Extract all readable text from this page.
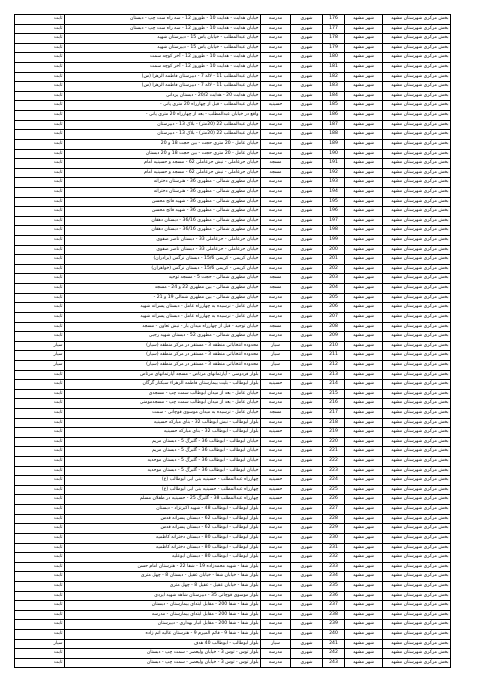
بخش مرکزی شهرستان مشهد	شهر مشهد	176	شهری	مدرسه	خیابان هدایت - هدایت 10 - طوروز 12 - سه راه ست چپ - دبستان	ثابت
بخش مرکزی شهرستان مشهد	شهر مشهد	177	شهری	مدرسه	خیابان هدایت - هدایت 10 - طوروز 12 - سه راه ست چپ - دبستان	ثابت
بخش مرکزی شهرستان مشهد	شهر مشهد	178	شهری	مدرسه	خیابان عبدالمطلب - خیابان یاس 15 - دبیرستان شهید	ثابت
بخش مرکزی شهرستان مشهد	شهر مشهد	179	شهری	مدرسه	خیابان عبدالمطلب - خیابان یاس 15 - دبیرستان شهید	ثابت
بخش مرکزی شهرستان مشهد	شهر مشهد	180	شهری	مدرسه	خیابان هدایت - هدایت 10 - طوروز 12 - آخر کوچه سمت	ثابت
بخش مرکزی شهرستان مشهد	شهر مشهد	181	شهری	مدرسه	خیابان هدایت - هدایت 10 - طوروز 12 - آخر کوچه سمت	ثابت
بخش مرکزی شهرستان مشهد	شهر مشهد	182	شهری	مدرسه	خیابان عبدالمطلب 11 - لاله 7 - دبیرستان فاطمه الزهرا (س)	ثابت
بخش مرکزی شهرستان مشهد	شهر مشهد	183	شهری	مدرسه	خیابان عبدالمطلب 11 - لاله 7 - دبیرستان فاطمه الزهرا (س)	ثابت
بخش مرکزی شهرستان مشهد	شهر مشهد	184	شهری	مدرسه	خیابان هدایت 20 - هدایت 20/2 - دبستان یزدانی	ثابت
بخش مرکزی شهرستان مشهد	شهر مشهد	185	شهری	حسینیه	خیابان عبدالمطلب - قبل از چهارراه 20 متری پانی -	ثابت
بخش مرکزی شهرستان مشهد	شهر مشهد	186	شهری	مدرسه	واقع در خیابان عبدالمطلب - بعد از چهارراه 20 متری پانی -	ثابت
بخش مرکزی شهرستان مشهد	شهر مشهد	187	شهری	مدرسه	خیابان عبدالمطلب 22 (20متر) - بلاک 13 - دبیرستان	ثابت
بخش مرکزی شهرستان مشهد	شهر مشهد	188	شهری	مدرسه	خیابان عبدالمطلب 22 (20متر) - بلاک 13 - دبیرستان	ثابت
بخش مرکزی شهرستان مشهد	شهر مشهد	189	شهری	مدرسه	خیابان عامل - 20 متری حجت - بین حجت 18 و 20	ثابت
بخش مرکزی شهرستان مشهد	شهر مشهد	190	شهری	مدرسه	خیابان عامل - 20 متری حجت - بین حجت 18 و 20 دبستان	ثابت
بخش مرکزی شهرستان مشهد	شهر مشهد	191	شهری	مسجد	خیابان حرعاملی - نبش حرعاملی 62 - مسجد و حسینیه امام	ثابت
بخش مرکزی شهرستان مشهد	شهر مشهد	192	شهری	مسجد	خیابان حرعاملی - نبش حرعاملی 62 - مسجد و حسینیه امام	ثابت
بخش مرکزی شهرستان مشهد	شهر مشهد	193	شهری	مدرسه	خیابان مطهری شمالی - مطهری 36 - هنرستان دخترانه	ثابت
بخش مرکزی شهرستان مشهد	شهر مشهد	194	شهری	مدرسه	خیابان مطهری شمالی - مطهری 36 - هنرستان دخترانه	ثابت
بخش مرکزی شهرستان مشهد	شهر مشهد	195	شهری	مدرسه	خیابان مطهری شمالی - مطهری 36 - شهید فاتح محسن	ثابت
بخش مرکزی شهرستان مشهد	شهر مشهد	196	شهری	مدرسه	خیابان مطهری شمالی - مطهری 36 - شهید فاتح محسن	ثابت
بخش مرکزی شهرستان مشهد	شهر مشهد	197	شهری	مدرسه	خیابان مطهری شمالی - مطهری 36/16 - دبستان دهقان	ثابت
بخش مرکزی شهرستان مشهد	شهر مشهد	198	شهری	مدرسه	خیابان مطهری شمالی - مطهری 36/16 - دبستان دهقان	ثابت
بخش مرکزی شهرستان مشهد	شهر مشهد	199	شهری	مدرسه	خیابان حرعاملی - حرعاملی 33 - دبستان ناصر صفوی	ثابت
بخش مرکزی شهرستان مشهد	شهر مشهد	200	شهری	مدرسه	خیابان حرعاملی - حرعاملی 33 - دبستان ناصر صفوی	ثابت
بخش مرکزی شهرستان مشهد	شهر مشهد	201	شهری	مدرسه	خیابان کریمی - کریمی 15/6 - دبستان نرگس (برادران)	ثابت
بخش مرکزی شهرستان مشهد	شهر مشهد	202	شهری	مدرسه	خیابان کریمی - کریمی 15/6 - دبستان نرگس (خواهران)	ثابت
بخش مرکزی شهرستان مشهد	شهر مشهد	203	شهری	مسجد	خیابان مطهری شمالی - حجت 5 - مسجد توحید	ثابت
بخش مرکزی شهرستان مشهد	شهر مشهد	204	شهری	مسجد	خیابان مطهری شمالی - بین مطهری 22 و 24 - مسجد	ثابت
بخش مرکزی شهرستان مشهد	شهر مشهد	205	شهری	مدرسه	خیابان مطهری شمالی - بین مطهری شمالی 19 و 21 -	ثابت
بخش مرکزی شهرستان مشهد	شهر مشهد	206	شهری	مدرسه	خیابان عامل - نرسیده به چهارراه عامل - دبستان پسرانه شهید	ثابت
بخش مرکزی شهرستان مشهد	شهر مشهد	207	شهری	مدرسه	خیابان عامل - نرسیده به چهارراه عامل - دبستان پسرانه شهید	ثابت
بخش مرکزی شهرستان مشهد	شهر مشهد	208	شهری	مسجد	خیابان توحید - قبل از چهارراه میدان بار - نبش تعاون - مسجد	ثابت
بخش مرکزی شهرستان مشهد	شهر مشهد	209	شهری	مدرسه	خیابان مطهری شمالی - مطهری 52 - دبستان شهید رجبی	ثابت
بخش مرکزی شهرستان مشهد	شهر مشهد	210	شهری	سیار	محدوده انتخاباتی منطقه 3 - مستقر در مرکز منطقه (سیار)	سیار
بخش مرکزی شهرستان مشهد	شهر مشهد	211	شهری	سیار	محدوده انتخاباتی منطقه 3 - مستقر در مرکز منطقه (سیار)	سیار
بخش مرکزی شهرستان مشهد	شهر مشهد	212	شهری	سیار	محدوده انتخاباتی منطقه 3 - مستقر در مرکز منطقه (سیار)	سیار
بخش مرکزی شهرستان مشهد	شهر مشهد	213	شهری	مدرسه	بلوار فردوسی - آپارتمانهای مرتاض - مسجد آپارتمانهای مرتاض	ثابت
بخش مرکزی شهرستان مشهد	شهر مشهد	214	شهری	حسینیه	بلوار ابوطالب - بلیت بیمارستان فاطمه الزهراء سبکنار گرگان	ثابت
بخش مرکزی شهرستان مشهد	شهر مشهد	215	شهری	مدرسه	خیابان عامل - بعد از میدان ابوطالب سمت چپ - مسجدی	ثابت
بخش مرکزی شهرستان مشهد	شهر مشهد	216	شهری	مدرسه	خیابان عامل - بعد از میدان ابوطالب سمت چپ - مسجدمومنی	ثابت
بخش مرکزی شهرستان مشهد	شهر مشهد	217	شهری	مسجد	خیابان عامل - نرسیده به میدان موسوی قوچانی - سمت	ثابت
بخش مرکزی شهرستان مشهد	شهر مشهد	218	شهری	مدرسه	بلوار ابوطالب - نبش ابوطالب 32 - بنای مبارکه حسینیه	ثابت
بخش مرکزی شهرستان مشهد	شهر مشهد	219	شهری	حسینیه	بلوار ابوطالب - ابوطالب 32 - بنای مبارکه حسینیه	ثابت
بخش مرکزی شهرستان مشهد	شهر مشهد	220	شهری	مدرسه	خیابان ابوطالب - ابوطالب 36 - گلبرگ 5 - دبستان مریم	ثابت
بخش مرکزی شهرستان مشهد	شهر مشهد	221	شهری	مدرسه	خیابان ابوطالب - ابوطالب 36 - گلبرگ 5 - دبستان مریم	ثابت
بخش مرکزی شهرستان مشهد	شهر مشهد	222	شهری	مدرسه	خیابان ابوطالب - ابوطالب 36 - گلبرگ 5 - دبستان موحدیه	ثابت
بخش مرکزی شهرستان مشهد	شهر مشهد	223	شهری	مدرسه	خیابان ابوطالب - ابوطالب 36 - گلبرگ 5 - دبستان موحدیه	ثابت
بخش مرکزی شهرستان مشهد	شهر مشهد	224	شهری	حسینیه	چهارراه عبدالمطلب - حسینیه بنی ابی ابوطالب (ع)	ثابت
بخش مرکزی شهرستان مشهد	شهر مشهد	225	شهری	حسینیه	چهارراه عبدالمطلب - حسینیه بنی ابی ابوطالب (ع)	ثابت
بخش مرکزی شهرستان مشهد	شهر مشهد	226	شهری	حسینیه	چهارراه عبدالمطلب 38 - گلبرگ 25 - حسینیه در طفلان مسلم	ثابت
بخش مرکزی شهرستان مشهد	شهر مشهد	227	شهری	مدرسه	بلوار ابوطالب - ابوطالب 48 - شهید اکبرنژاد - دبستان	ثابت
بخش مرکزی شهرستان مشهد	شهر مشهد	228	شهری	مدرسه	بلوار ابوطالب - ابوطالب 62 - دبستان پسرانه قدس	ثابت
بخش مرکزی شهرستان مشهد	شهر مشهد	229	شهری	مدرسه	بلوار ابوطالب - ابوطالب 62 - دبستان پسرانه قدس	ثابت
بخش مرکزی شهرستان مشهد	شهر مشهد	230	شهری	مدرسه	بلوار ابوطالب - ابوطالب 80 - دبستان دخترانه کاظمیه	ثابت
بخش مرکزی شهرستان مشهد	شهر مشهد	231	شهری	مدرسه	بلوار ابوطالب - ابوطالب 80 - دبستان دخترانه کاظمیه	ثابت
بخش مرکزی شهرستان مشهد	شهر مشهد	232	شهری	مدرسه	بلوار ابوطالب - ابوطالب 80 - دبستان ابوعلیه	ثابت
بخش مرکزی شهرستان مشهد	شهر مشهد	233	شهری	مدرسه	بلوار شفا - شهید محمدزاده 19 - شفا 22 - هنرستان امام حسن	ثابت
بخش مرکزی شهرستان مشهد	شهر مشهد	234	شهری	مدرسه	بلوار شفا - خیابان شفا - خیابان عقیل - دبستان 8 - چهل متری	ثابت
بخش مرکزی شهرستان مشهد	شهر مشهد	235	شهری	مدرسه	بلوار شفا - خیابان عقیل - عقیل 8 - چهل متری	ثابت
بخش مرکزی شهرستان مشهد	شهر مشهد	236	شهری	مدرسه	بلوار موسوی قوچانی 35 - دبیرستان شاهد شهید ایزدی	ثابت
بخش مرکزی شهرستان مشهد	شهر مشهد	237	شهری	مدرسه	بلوار شفا - شفا 200 - مقابل ابتدای بیمارستان - دبستان	ثابت
بخش مرکزی شهرستان مشهد	شهر مشهد	238	شهری	مدرسه	بلوار شفا - شفا 200 - مقابل ابتدای بیمارستان - مدرسه	ثابت
بخش مرکزی شهرستان مشهد	شهر مشهد	239	شهری	مدرسه	بلوار شفا - شفا 200 - مقابل انبار بهداری - دبیرستان	ثابت
بخش مرکزی شهرستان مشهد	شهر مشهد	240	شهری	مدرسه	بلوار شفا - شفا 9 - قائم المیرم 9 - هنرستان عالیه اتم زاده	ثابت
بخش مرکزی شهرستان مشهد	شهر مشهد	241	شهری	سیار	بلوار ابوطالب - ابوطالب 40 هدف	سیار
بخش مرکزی شهرستان مشهد	شهر مشهد	242	شهری	مدرسه	بلوار توس - توس 3 - خیابان ولیعصر - سمت چپ - دبستان	ثابت
بخش مرکزی شهرستان مشهد	شهر مشهد	243	شهری	مدرسه	بلوار توس - توس 3 - خیابان ولیعصر - سمت چپ - دبستان	ثابت
